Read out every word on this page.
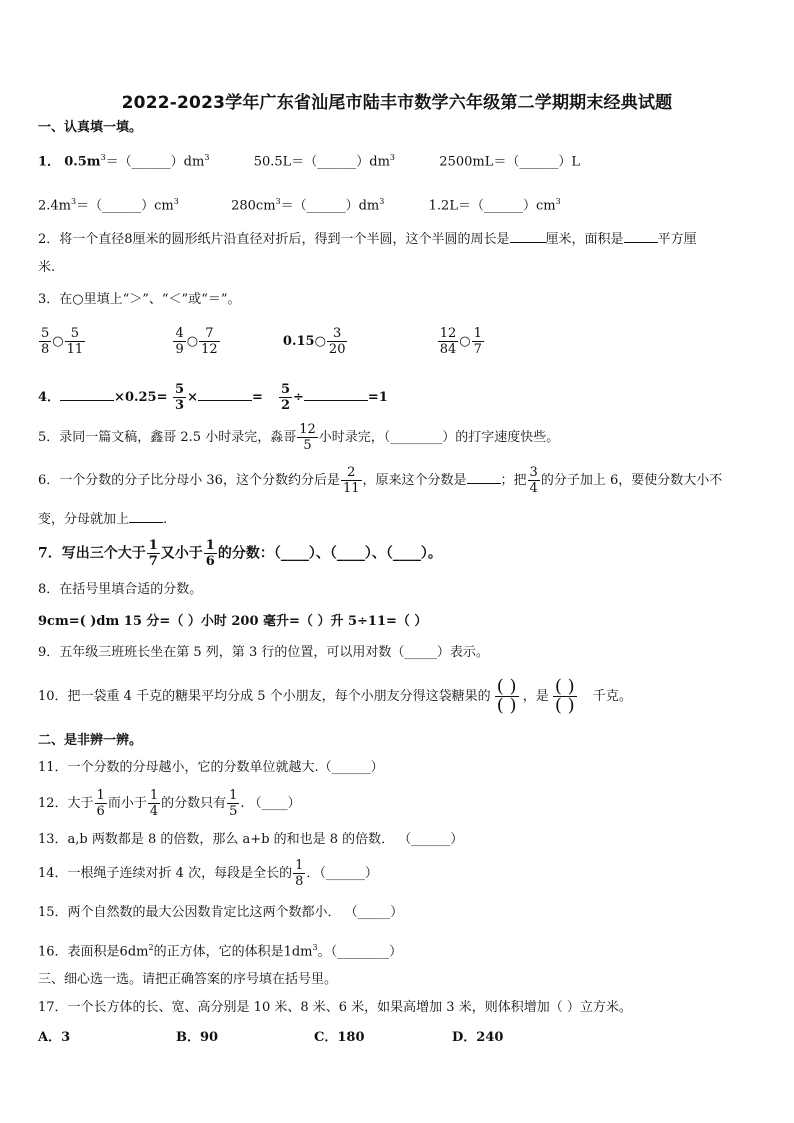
2022-2023学年广东省汕尾市陆丰市数学六年级第二学期期末经典试题
一、认真填一填。
1． $0.5m^3=(\_\_\_\_\_\_)dm^3$	$50.5L=(\_\_\_\_\_\_)dm^3$	2500mL＝（______）L
$2.4m^3=(\_\_\_\_\_\_)cm^3$	$280cm^3=(\_\_\_\_\_\_)dm^3$	$1.2L=(\_\_\_\_\_\_)cm^3$
2．将一个直径8厘米的圆形纸片沿直径对折后，得到一个半圆，这个半圆的周长是	厘米，面积是	平方厘
米.
3．在○里填上“＞”、“＜”或“＝”。
$\frac{5}{8}$ ○ $\frac{5}{11}$
	$\frac{4}{9}$ ○ $\frac{7}{12}$	0.15○ $\frac{3}{20}$
	$\frac{12}{84}$ ○ $\frac{1}{7}$
4．	$\times 0.25= \frac{5}{3}$ ×	= $\frac{5}{2}$ ÷	=1
5．录同一篇文稿，鑫哥 2.5 小时录完，淼哥 $\frac{12}{5}$ 小时录完，（________）的打字速度快些。
6．一个分数的分子比分母小 36，这个分数约分后是 $\frac{2}{11}$ ，原来这个分数是	；把 $\frac{3}{4}$ 的分子加上 6，要使分数大小不
变，分母就加上	.
7．写出三个大于 $\frac{1}{7}$ 又小于 $\frac{1}{6}$ 的分数：（____）、（____）、（____）。
8．在括号里填合适的分数。
9cm=( )dm 15 分=（ ）小时 200 毫升=（ ）升 5÷11=（ ）
9．五年级三班班长坐在第 5 列，第 3 行的位置，可以用对数（_____）表示。
10．把一袋重 4 千克的糖果平均分成 5 个小朋友，每个小朋友分得这袋糖果的 ( )
( ) ，是 ( )
( ) 千克。
二、是非辨一辨。
11．一个分数的分母越小，它的分数单位就越大.（______）
12．大于 $\frac{1}{6}$ 而小于 $\frac{1}{4}$ 的分数只有 $\frac{1}{5}$ . （____）
13．a,b 两数都是 8 的倍数，那么 a+b 的和也是 8 的倍数． （______）
14．一根绳子连续对折 4 次，每段是全长的 $\frac{1}{8}$ ．（______）
15．两个自然数的最大公因数肯定比这两个数都小． （_____）
16．表面积是$6dm^2$的正方体，它的体积是$1dm^3$。（________）
三、细心选一选。请把正确答案的序号填在括号里。
17．一个长方体的长、宽、高分别是 10 米、8 米、6 米，如果高增加 3 米，则体积增加（ ）立方米。
A．3	B．90	C．180	D．240
